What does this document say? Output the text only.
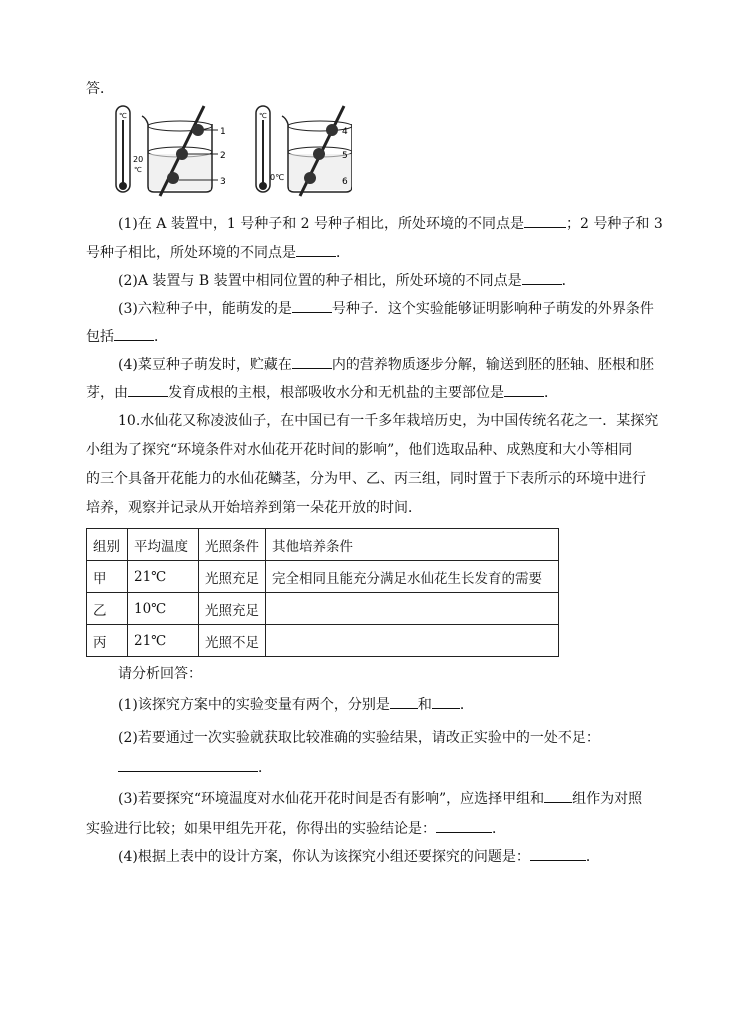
答．
℃
20
℃
1
2
3
℃
0℃
4
5
6
(1)在 A 装置中，1 号种子和 2 号种子相比，所处环境的不同点是	；2 号种子和 3
号种子相比，所处环境的不同点是	．
(2)A 装置与 B 装置中相同位置的种子相比，所处环境的不同点是	．
(3)六粒种子中，能萌发的是	号种子．这个实验能够证明影响种子萌发的外界条件
包括	．
(4)菜豆种子萌发时，贮藏在	内的营养物质逐步分解，输送到胚的胚轴、胚根和胚
芽，由	发育成根的主根，根部吸收水分和无机盐的主要部位是	．
10.水仙花又称凌波仙子，在中国已有一千多年栽培历史，为中国传统名花之一．某探究
小组为了探究“环境条件对水仙花开花时间的影响”，他们选取品种、成熟度和大小等相同
的三个具备开花能力的水仙花鳞茎，分为甲、乙、丙三组，同时置于下表所示的环境中进行
培养，观察并记录从开始培养到第一朵花开放的时间．
组别	平均温度	光照条件	其他培养条件
甲	21℃	光照充足	完全相同且能充分满足水仙花生长发育的需要
乙	10℃	光照充足	
丙	21℃	光照不足	
请分析回答：
(1)该探究方案中的实验变量有两个，分别是 和 ．
(2)若要通过一次实验就获取比较准确的实验结果，请改正实验中的一处不足：
．
(3)若要探究“环境温度对水仙花开花时间是否有影响”，应选择甲组和 组作为对照
实验进行比较；如果甲组先开花，你得出的实验结论是：	．
(4)根据上表中的设计方案，你认为该探究小组还要探究的问题是：	．
